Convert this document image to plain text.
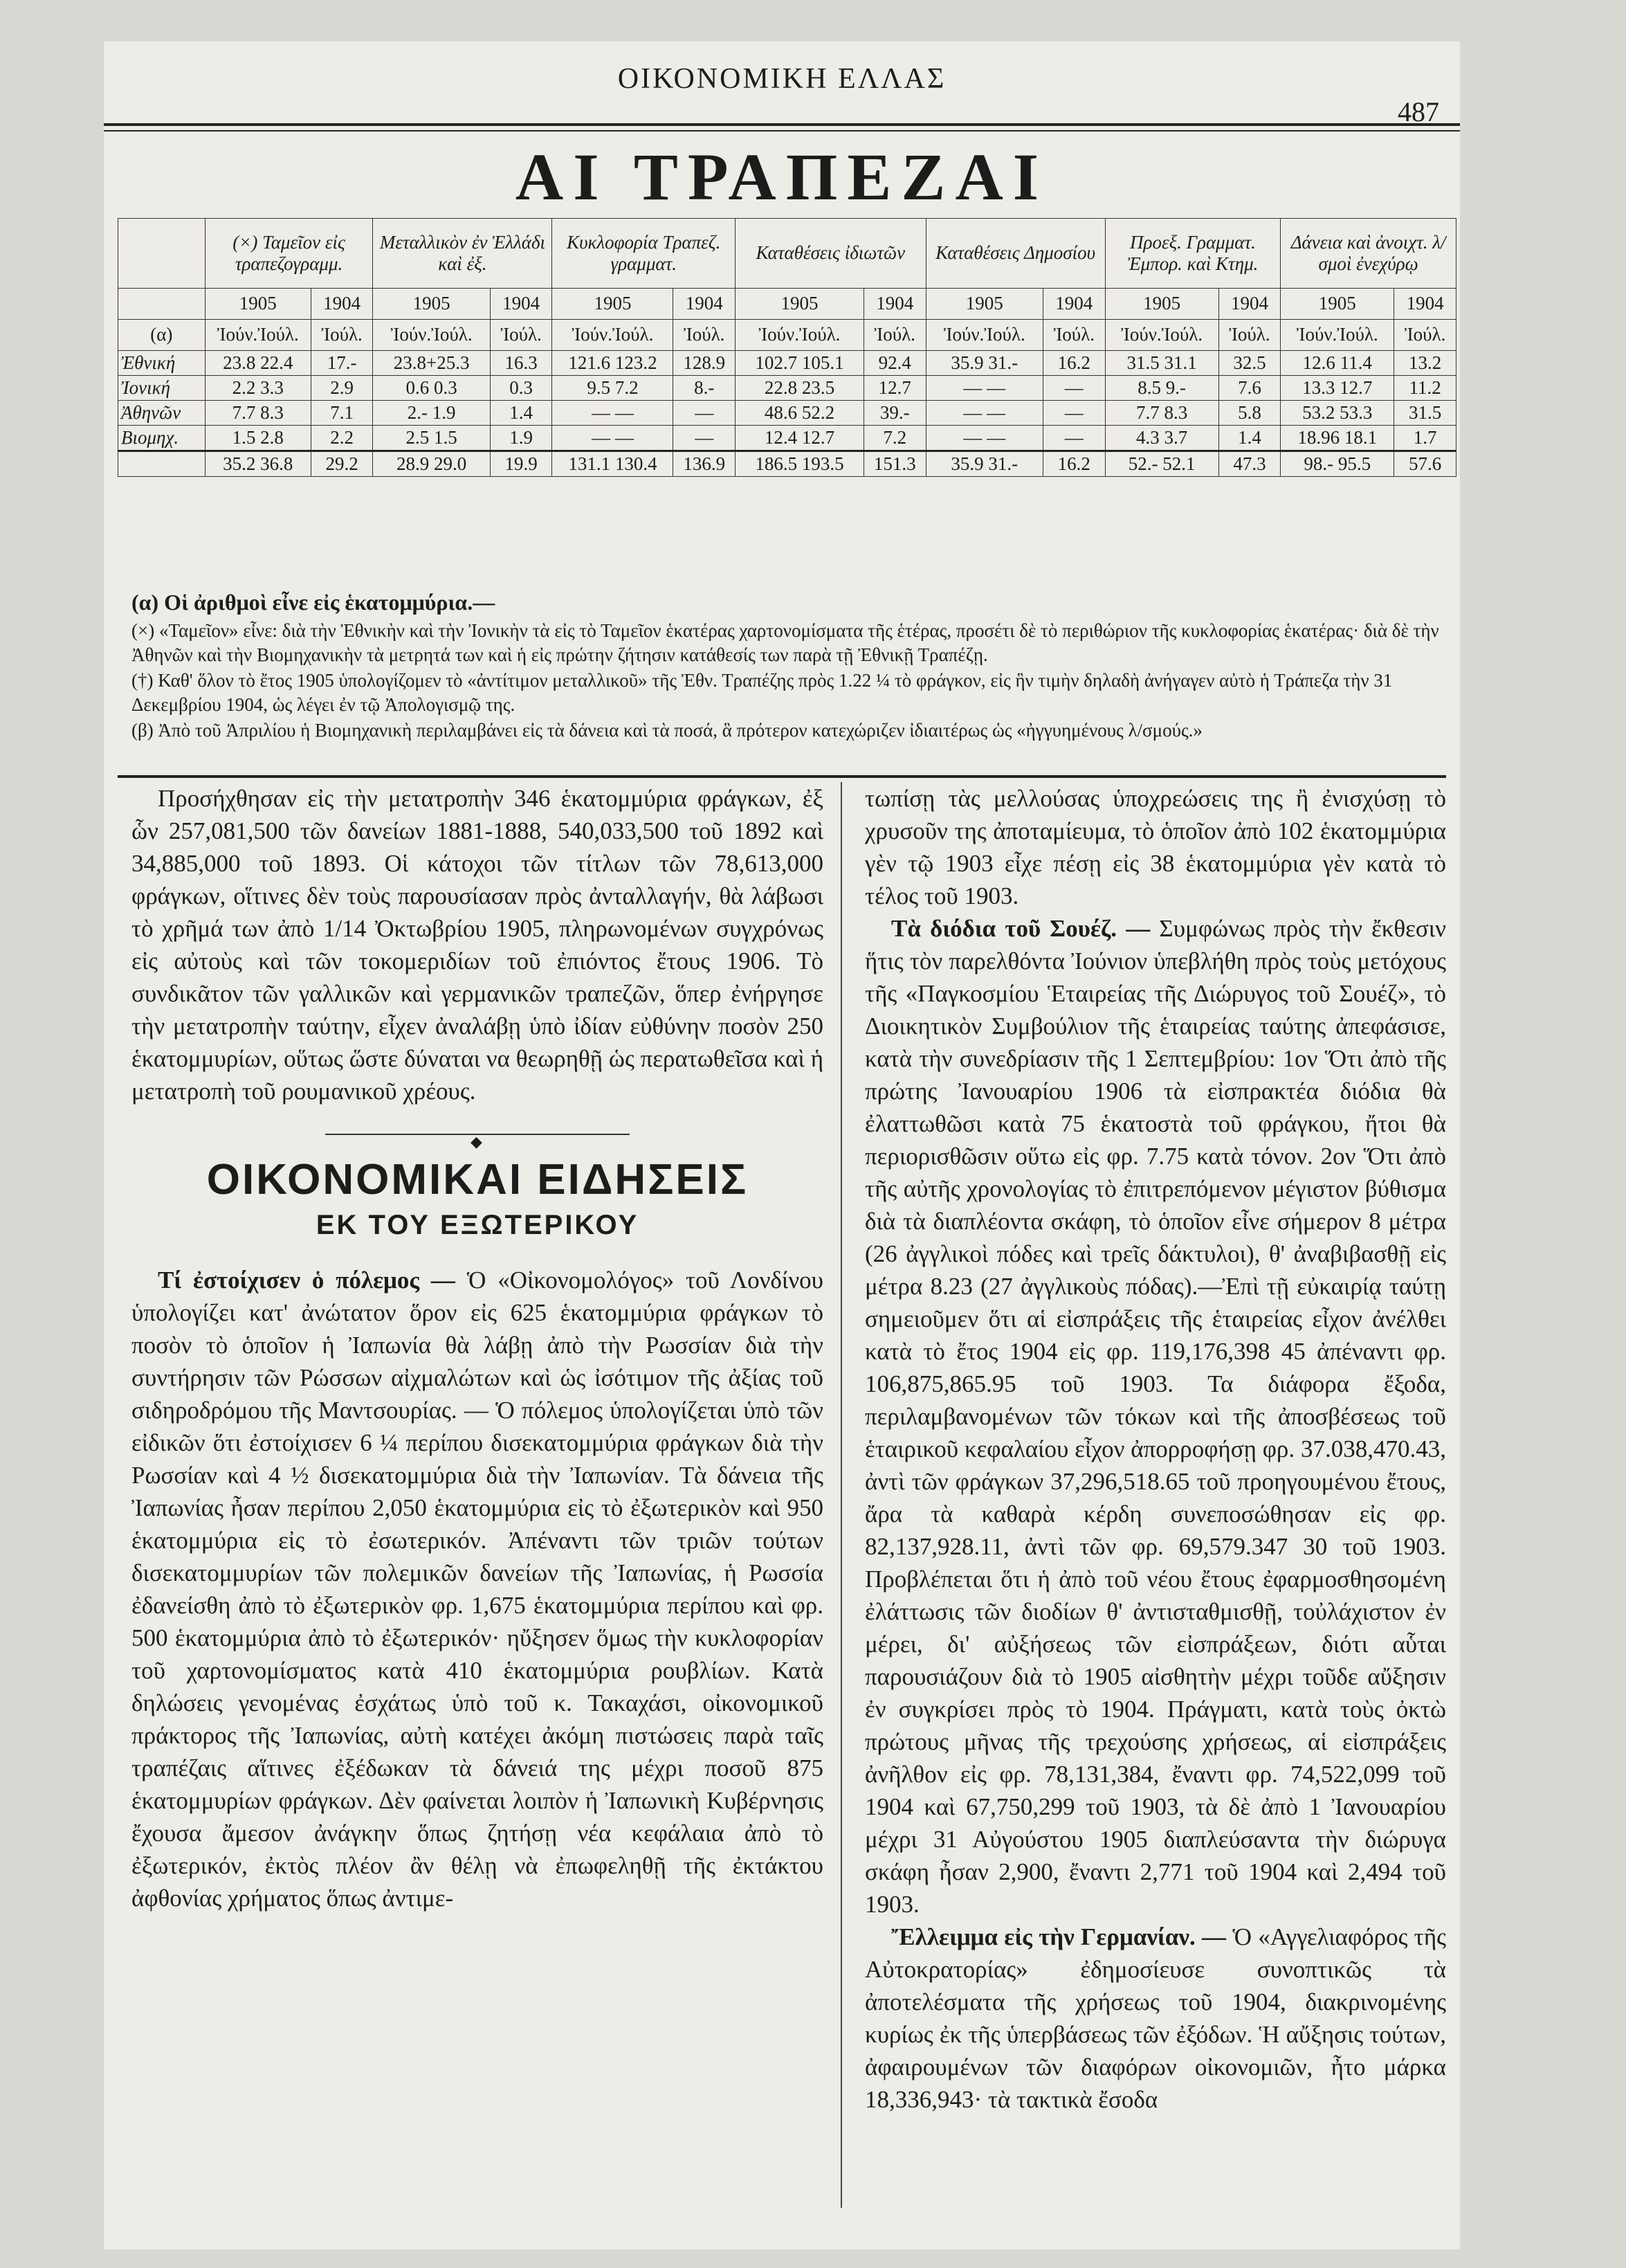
ΟΙΚΟΝΟΜΙΚΗ ΕΛΛΑΣ
487
ΑΙ ΤΡΑΠΕΖΑΙ
	(×) Ταμεῖον εἰς τραπεζογραμμ.		Μεταλλικὸν ἐν Ἑλλάδι καὶ ἐξ.		Κυκλοφορία Τραπεζ. γραμματ.		Καταθέσεις ἰδιωτῶν		Καταθέσεις Δημοσίου		Προεξ. Γραμματ. Ἐμπορ. καὶ Κτημ.		Δάνεια καὶ ἀνοιχτ. λ/σμοὶ ἐνεχύρῳ	
	1905	1904	1905	1904	1905	1904	1905	1904	1905	1904	1905	1904	1905	1904
(α)	Ἰούν.Ἰούλ.	Ἰούλ.	Ἰούν.Ἰούλ.	Ἰούλ.	Ἰούν.Ἰούλ.	Ἰούλ.	Ἰούν.Ἰούλ.	Ἰούλ.	Ἰούν.Ἰούλ.	Ἰούλ.	Ἰούν.Ἰούλ.	Ἰούλ.	Ἰούν.Ἰούλ.	Ἰούλ.
Ἐθνική	23.8 22.4	17.-	23.8+25.3	16.3	121.6 123.2	128.9	102.7 105.1	92.4	35.9 31.-	16.2	31.5 31.1	32.5	12.6 11.4	13.2
Ἰονική	2.2 3.3	2.9	0.6 0.3	0.3	9.5 7.2	8.-	22.8 23.5	12.7	— —	—	8.5 9.-	7.6	13.3 12.7	11.2
Ἀθηνῶν	7.7 8.3	7.1	2.- 1.9	1.4	— —	—	48.6 52.2	39.-	— —	—	7.7 8.3	5.8	53.2 53.3	31.5
Βιομηχ.	1.5 2.8	2.2	2.5 1.5	1.9	— —	—	12.4 12.7	7.2	— —	—	4.3 3.7	1.4	18.96 18.1	1.7
	35.2 36.8	29.2	28.9 29.0	19.9	131.1 130.4	136.9	186.5 193.5	151.3	35.9 31.-	16.2	52.- 52.1	47.3	98.- 95.5	57.6

(α) Οἱ ἀριθμοὶ εἶνε εἰς ἑκατομμύρια.—

(×) «Ταμεῖον» εἶνε: διὰ τὴν Ἐθνικὴν καὶ τὴν Ἰονικὴν τὰ εἰς τὸ Ταμεῖον ἑκατέρας χαρτονομίσματα τῆς ἑτέρας, προσέτι δὲ τὸ περιθώριον τῆς κυκλοφορίας ἑκατέρας· διὰ δὲ τὴν Ἀθηνῶν καὶ τὴν Βιομηχανικὴν τὰ μετρητά των καὶ ἡ εἰς πρώτην ζήτησιν κατάθεσίς των παρὰ τῇ Ἐθνικῇ Τραπέζῃ.

(†) Καθ' ὅλον τὸ ἔτος 1905 ὑπολογίζομεν τὸ «ἀντίτιμον μεταλλικοῦ» τῆς Ἐθν. Τραπέζης πρὸς 1.22 ¼ τὸ φράγκον, εἰς ἣν τιμὴν δηλαδὴ ἀνήγαγεν αὐτὸ ἡ Τράπεζα τὴν 31 Δεκεμβρίου 1904, ὡς λέγει ἐν τῷ Ἀπολογισμῷ της.

(β) Ἀπὸ τοῦ Ἀπριλίου ἡ Βιομηχανικὴ περιλαμβάνει εἰς τὰ δάνεια καὶ τὰ ποσά, ἃ πρότερον κατεχώριζεν ἰδιαιτέρως ὡς «ἠγγυημένους λ/σμούς.»

Προσήχθησαν εἰς τὴν μετατροπὴν 346 ἑκατομμύρια φράγκων, ἐξ ὧν 257,081,500 τῶν δανείων 1881-1888, 540,033,500 τοῦ 1892 καὶ 34,885,000 τοῦ 1893. Οἱ κάτοχοι τῶν τίτλων τῶν 78,613,000 φράγκων, οἵτινες δὲν τοὺς παρουσίασαν πρὸς ἀνταλλαγήν, θὰ λάβωσι τὸ χρῆμά των ἀπὸ 1/14 Ὀκτωβρίου 1905, πληρωνομένων συγχρόνως εἰς αὐτοὺς καὶ τῶν τοκομεριδίων τοῦ ἐπιόντος ἔτους 1906. Τὸ συνδικᾶτον τῶν γαλλικῶν καὶ γερμανικῶν τραπεζῶν, ὅπερ ἐνήργησε τὴν μετατροπὴν ταύτην, εἶχεν ἀναλάβῃ ὑπὸ ἰδίαν εὐθύνην ποσὸν 250 ἑκατομμυρίων, οὕτως ὥστε δύναται να θεωρηθῇ ὡς περατωθεῖσα καὶ ἡ μετατροπὴ τοῦ ρουμανικοῦ χρέους.

◆
ΟΙΚΟΝΟΜΙΚΑΙ ΕΙΔΗΣΕΙΣ
ΕΚ ΤΟΥ ΕΞΩΤΕΡΙΚΟΥ

Τί ἐστοίχισεν ὁ πόλεμος — Ὁ «Οἰκονομολόγος» τοῦ Λονδίνου ὑπολογίζει κατ' ἀνώτατον ὅρον εἰς 625 ἑκατομμύρια φράγκων τὸ ποσὸν τὸ ὁποῖον ἡ Ἰαπωνία θὰ λάβῃ ἀπὸ τὴν Ρωσσίαν διὰ τὴν συντήρησιν τῶν Ρώσσων αἰχμαλώτων καὶ ὡς ἰσότιμον τῆς ἀξίας τοῦ σιδηροδρόμου τῆς Μαντσουρίας. — Ὁ πόλεμος ὑπολογίζεται ὑπὸ τῶν εἰδικῶν ὅτι ἐστοίχισεν 6 ¼ περίπου δισεκατομμύρια φράγκων διὰ τὴν Ρωσσίαν καὶ 4 ½ δισεκατομμύρια διὰ τὴν Ἰαπωνίαν. Τὰ δάνεια τῆς Ἰαπωνίας ἦσαν περίπου 2,050 ἑκατομμύρια εἰς τὸ ἐξωτερικὸν καὶ 950 ἑκατομμύρια εἰς τὸ ἐσωτερικόν. Ἀπέναντι τῶν τριῶν τούτων δισεκατομμυρίων τῶν πολεμικῶν δανείων τῆς Ἰαπωνίας, ἡ Ρωσσία ἐδανείσθη ἀπὸ τὸ ἐξωτερικὸν φρ. 1,675 ἑκατομμύρια περίπου καὶ φρ. 500 ἑκατομμύρια ἀπὸ τὸ ἐξωτερικόν· ηὔξησεν ὅμως τὴν κυκλοφορίαν τοῦ χαρτονομίσματος κατὰ 410 ἑκατομμύρια ρουβλίων. Κατὰ δηλώσεις γενομένας ἐσχάτως ὑπὸ τοῦ κ. Τακαχάσι, οἰκονομικοῦ πράκτορος τῆς Ἰαπωνίας, αὐτὴ κατέχει ἀκόμη πιστώσεις παρὰ ταῖς τραπέζαις αἵτινες ἐξέδωκαν τὰ δάνειά της μέχρι ποσοῦ 875 ἑκατομμυρίων φράγκων. Δὲν φαίνεται λοιπὸν ἡ Ἰαπωνικὴ Κυβέρνησις ἔχουσα ἄμεσον ἀνάγκην ὅπως ζητήσῃ νέα κεφάλαια ἀπὸ τὸ ἐξωτερικόν, ἐκτὸς πλέον ἂν θέλῃ νὰ ἐπωφεληθῇ τῆς ἐκτάκτου ἀφθονίας χρήματος ὅπως ἀντιμε-

τωπίσῃ τὰς μελλούσας ὑποχρεώσεις της ἢ ἐνισχύσῃ τὸ χρυσοῦν της ἀποταμίευμα, τὸ ὁποῖον ἀπὸ 102 ἑκατομμύρια γὲν τῷ 1903 εἶχε πέσῃ εἰς 38 ἑκατομμύρια γὲν κατὰ τὸ τέλος τοῦ 1903.

Τὰ διόδια τοῦ Σουέζ. — Συμφώνως πρὸς τὴν ἔκθεσιν ἥτις τὸν παρελθόντα Ἰούνιον ὑπεβλήθη πρὸς τοὺς μετόχους τῆς «Παγκοσμίου Ἑταιρείας τῆς Διώρυγος τοῦ Σουέζ», τὸ Διοικητικὸν Συμβούλιον τῆς ἑταιρείας ταύτης ἀπεφάσισε, κατὰ τὴν συνεδρίασιν τῆς 1 Σεπτεμβρίου: 1ον Ὅτι ἀπὸ τῆς πρώτης Ἰανουαρίου 1906 τὰ εἰσπρακτέα διόδια θὰ ἐλαττωθῶσι κατὰ 75 ἑκατοστὰ τοῦ φράγκου, ἤτοι θὰ περιορισθῶσιν οὕτω εἰς φρ. 7.75 κατὰ τόνον. 2ον Ὅτι ἀπὸ τῆς αὐτῆς χρονολογίας τὸ ἐπιτρεπόμενον μέγιστον βύθισμα διὰ τὰ διαπλέοντα σκάφη, τὸ ὁποῖον εἶνε σήμερον 8 μέτρα (26 ἀγγλικοὶ πόδες καὶ τρεῖς δάκτυλοι), θ' ἀναβιβασθῇ εἰς μέτρα 8.23 (27 ἀγγλικοὺς πόδας).—Ἐπὶ τῇ εὐκαιρίᾳ ταύτῃ σημειοῦμεν ὅτι αἱ εἰσπράξεις τῆς ἑταιρείας εἶχον ἀνέλθει κατὰ τὸ ἔτος 1904 εἰς φρ. 119,176,398 45 ἀπέναντι φρ. 106,875,865.95 τοῦ 1903. Τα διάφορα ἔξοδα, περιλαμβανομένων τῶν τόκων καὶ τῆς ἀποσβέσεως τοῦ ἑταιρικοῦ κεφαλαίου εἶχον ἀπορροφήσῃ φρ. 37.038,470.43, ἀντὶ τῶν φράγκων 37,296,518.65 τοῦ προηγουμένου ἔτους, ἄρα τὰ καθαρὰ κέρδη συνεποσώθησαν εἰς φρ. 82,137,928.11, ἀντὶ τῶν φρ. 69,579.347 30 τοῦ 1903. Προβλέπεται ὅτι ἡ ἀπὸ τοῦ νέου ἔτους ἐφαρμοσθησομένη ἐλάττωσις τῶν διοδίων θ' ἀντισταθμισθῇ, τοὐλάχιστον ἐν μέρει, δι' αὐξήσεως τῶν εἰσπράξεων, διότι αὗται παρουσιάζουν διὰ τὸ 1905 αἰσθητὴν μέχρι τοῦδε αὔξησιν ἐν συγκρίσει πρὸς τὸ 1904. Πράγματι, κατὰ τοὺς ὀκτὼ πρώτους μῆνας τῆς τρεχούσης χρήσεως, αἱ εἰσπράξεις ἀνῆλθον εἰς φρ. 78,131,384, ἔναντι φρ. 74,522,099 τοῦ 1904 καὶ 67,750,299 τοῦ 1903, τὰ δὲ ἀπὸ 1 Ἰανουαρίου μέχρι 31 Αὐγούστου 1905 διαπλεύσαντα τὴν διώρυγα σκάφη ἦσαν 2,900, ἔναντι 2,771 τοῦ 1904 καὶ 2,494 τοῦ 1903.

Ἔλλειμμα εἰς τὴν Γερμανίαν. — Ὁ «Αγγελιαφόρος τῆς Αὐτοκρατορίας» ἐδημοσίευσε συνοπτικῶς τὰ ἀποτελέσματα τῆς χρήσεως τοῦ 1904, διακρινομένης κυρίως ἐκ τῆς ὑπερβάσεως τῶν ἐξόδων. Ἡ αὔξησις τούτων, ἀφαιρουμένων τῶν διαφόρων οἰκονομιῶν, ἦτο μάρκα 18,336,943· τὰ τακτικὰ ἔσοδα
